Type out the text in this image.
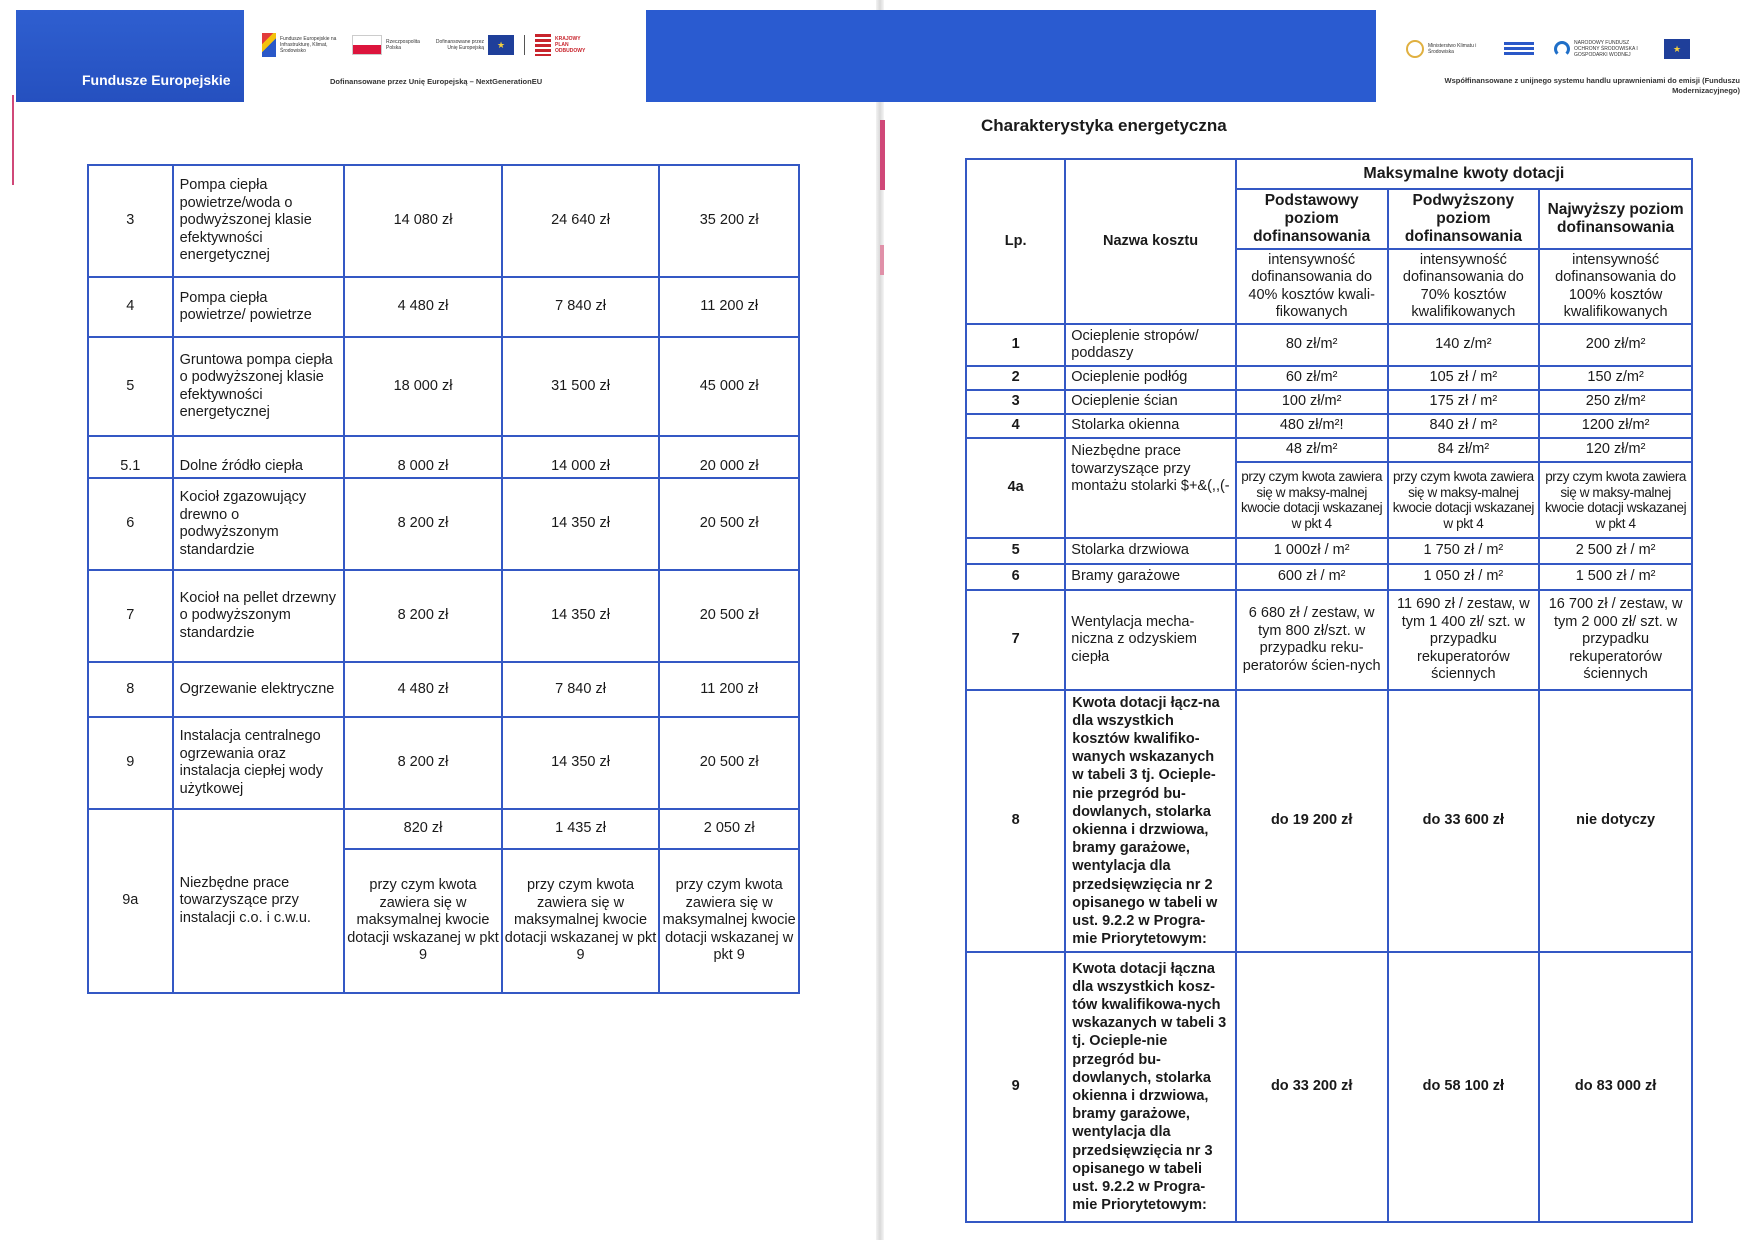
Fundusze Europejskie
Fundusze Europejskie na Infrastrukturę, Klimat, Środowisko
Rzeczpospolita Polska
Dofinansowane przez Unię Europejską	★
KRAJOWY PLAN ODBUDOWY
Dofinansowane przez Unię Europejską – NextGenerationEU
Ministerstwo Klimatu i Środowiska
NARODOWY FUNDUSZ OCHRONY ŚRODOWISKA I GOSPODARKI WODNEJ
★
Współfinansowane z unijnego systemu handlu uprawnieniami do emisji (Funduszu Modernizacyjnego)
3	Pompa ciepła powietrze/woda o podwyższonej klasie efektywności energetycznej	14 080 zł	24 640 zł	35 200 zł
4	Pompa ciepła powietrze/ powietrze	4 480 zł	7 840 zł	11 200 zł
5	Gruntowa pompa ciepła o podwyższonej klasie efektywności energetycznej	18 000 zł	31 500 zł	45 000 zł
5.1	Dolne źródło ciepła	8 000 zł	14 000 zł	20 000 zł
6	Kocioł zgazowujący drewno o podwyższonym standardzie	8 200 zł	14 350 zł	20 500 zł
7	Kocioł na pellet drzewny o podwyższonym standardzie	8 200 zł	14 350 zł	20 500 zł
8	Ogrzewanie elektryczne	4 480 zł	7 840 zł	11 200 zł
9	Instalacja centralnego ogrzewania oraz instalacja ciepłej wody użytkowej	8 200 zł	14 350 zł	20 500 zł
9a	Niezbędne prace towarzyszące przy instalacji c.o. i c.w.u.	820 zł	1 435 zł	2 050 zł
		przy czym kwota zawiera się w maksymalnej kwocie dotacji wskazanej w pkt 9	przy czym kwota zawiera się w maksymalnej kwocie dotacji wskazanej w pkt 9	przy czym kwota zawiera się w maksymalnej kwocie dotacji wskazanej w pkt 9
Charakterystyka energetyczna
Lp.	Nazwa kosztu	Maksymalne kwoty dotacji		
		Podstawowy poziom dofinansowania	Podwyższony poziom dofinansowania	Najwyższy poziom dofinansowania
		intensywność dofinansowania do 40% kosztów kwali-fikowanych	intensywność dofinansowania do 70% kosztów kwalifikowanych	intensywność dofinansowania do 100% kosztów kwalifikowanych
1	Ocieplenie stropów/ poddaszy	80 zł/m²	140 z/m²	200 zł/m²
2	Ocieplenie podłóg	60 zł/m²	105 zł / m²	150 z/m²
3	Ocieplenie ścian	100 zł/m²	175 zł / m²	250 zł/m²
4	Stolarka okienna	480 zł/m²!	840 zł / m²	1200 zł/m²
4a	Niezbędne prace towarzyszące przy montażu stolarki $+&(,,(-	48 zł/m²	84 zł/m²	120 zł/m²
		przy czym kwota zawiera się w maksy-malnej kwocie dotacji wskazanej w pkt 4	przy czym kwota zawiera się w maksy-malnej kwocie dotacji wskazanej w pkt 4	przy czym kwota zawiera się w maksy-malnej kwocie dotacji wskazanej w pkt 4
5	Stolarka drzwiowa	1 000zł / m²	1 750 zł / m²	2 500 zł / m²
6	Bramy garażowe	600 zł / m²	1 050 zł / m²	1 500 zł / m²
7	Wentylacja mecha-niczna z odzyskiem ciepła	6 680 zł / zestaw, w tym 800 zł/szt. w przypadku reku-peratorów ścien-nych	11 690 zł / zestaw, w tym 1 400 zł/ szt. w przypadku rekuperatorów ściennych	16 700 zł / zestaw, w tym 2 000 zł/ szt. w przypadku rekuperatorów ściennych
8	Kwota dotacji łącz-na dla wszystkich kosztów kwalifiko-wanych wskazanych w tabeli 3 tj. Ocieple-nie przegród bu-dowlanych, stolarka okienna i drzwiowa, bramy garażowe, wentylacja dla przedsięwzięcia nr 2 opisanego w tabeli w ust. 9.2.2 w Progra-mie Priorytetowym:	do 19 200 zł	do 33 600 zł	nie dotyczy
9	Kwota dotacji łączna dla wszystkich kosz-tów kwalifikowa-nych wskazanych w tabeli 3 tj. Ocieple-nie przegród bu-dowlanych, stolarka okienna i drzwiowa, bramy garażowe, wentylacja dla przedsięwzięcia nr 3 opisanego w tabeli ust. 9.2.2 w Progra-mie Priorytetowym:	do 33 200 zł	do 58 100 zł	do 83 000 zł
